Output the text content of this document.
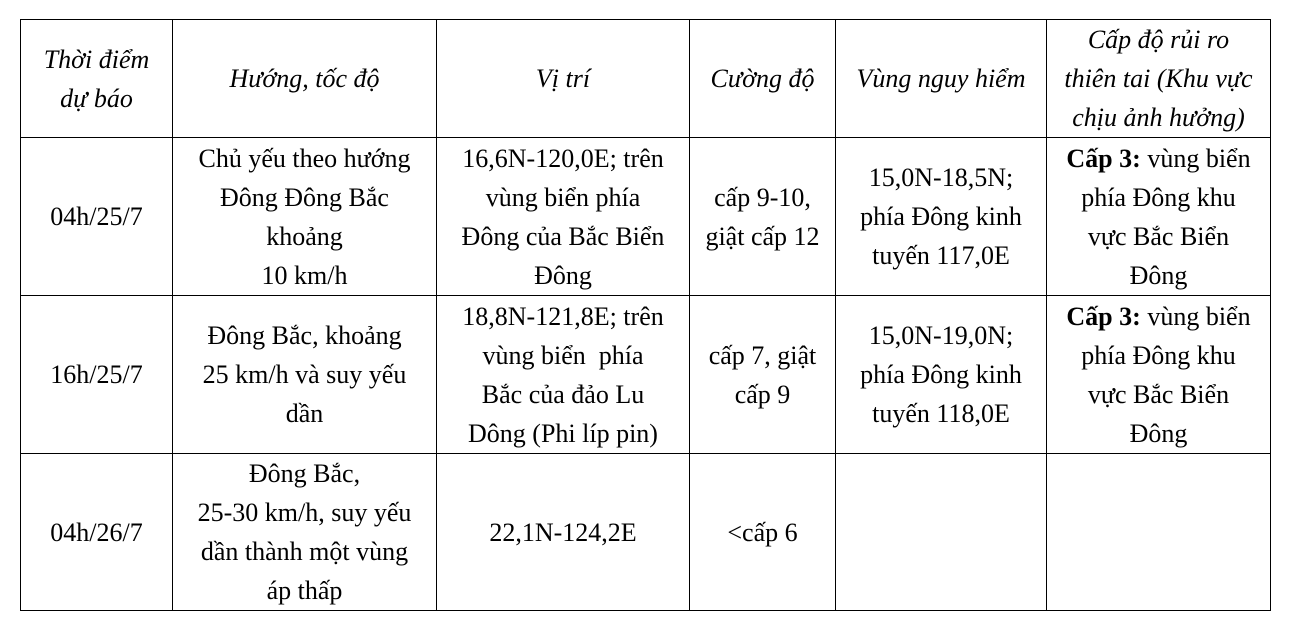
Thời điểm
dự báo	Hướng, tốc độ	Vị trí	Cường độ	Vùng nguy hiểm	Cấp độ rủi ro
thiên tai (Khu vực
chịu ảnh hưởng)

04h/25/7	Chủ yếu theo hướng
Đông Đông Bắc
khoảng
10 km/h	16,6N-120,0E; trên
vùng biển phía
Đông của Bắc Biển
Đông	cấp 9-10,
giật cấp 12	15,0N-18,5N;
phía Đông kinh
tuyến 117,0E	Cấp 3: vùng biển
phía Đông khu
vực Bắc Biển
Đông

16h/25/7	Đông Bắc, khoảng
25 km/h và suy yếu
dần	18,8N-121,8E; trên
vùng biển  phía
Bắc của đảo Lu
Dông (Phi líp pin)	cấp 7, giật
cấp 9	15,0N-19,0N;
phía Đông kinh
tuyến 118,0E	Cấp 3: vùng biển
phía Đông khu
vực Bắc Biển
Đông

04h/26/7	Đông Bắc,
25-30 km/h, suy yếu
dần thành một vùng
áp thấp	22,1N-124,2E	<cấp 6		
